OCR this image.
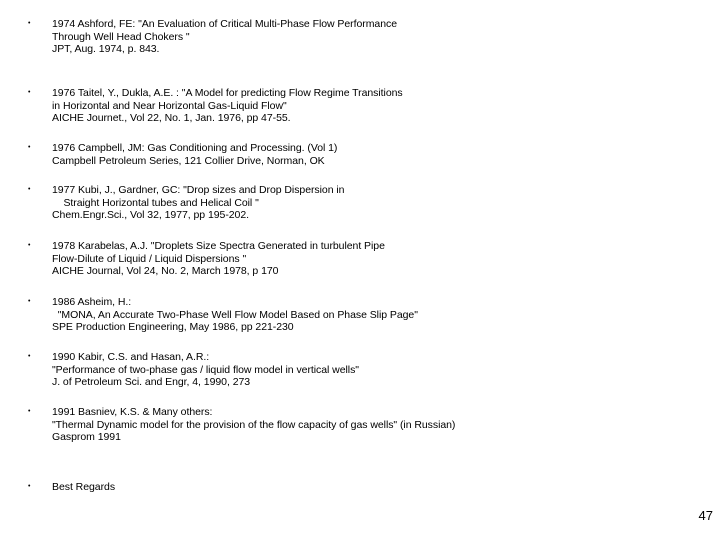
• 1974 Ashford, FE: "An Evaluation of Critical Multi-Phase Flow Performance
Through Well Head Chokers "
JPT, Aug. 1974, p. 843.
• 1976 Taitel, Y., Dukla, A.E. : "A Model for predicting Flow Regime Transitions
in Horizontal and Near Horizontal Gas-Liquid Flow"
AICHE Journet., Vol 22, No. 1, Jan. 1976, pp 47-55.
• 1976 Campbell, JM: Gas Conditioning and Processing. (Vol 1)
Campbell Petroleum Series, 121 Collier Drive, Norman, OK
• 1977 Kubi, J., Gardner, GC: "Drop sizes and Drop Dispersion in
Straight Horizontal tubes and Helical Coil "
Chem.Engr.Sci., Vol 32, 1977, pp 195-202.
• 1978 Karabelas, A.J. "Droplets Size Spectra Generated in turbulent Pipe
Flow-Dilute of Liquid / Liquid Dispersions "
AICHE Journal, Vol 24, No. 2, March 1978, p 170
• 1986 Asheim, H.:
"MONA, An Accurate Two-Phase Well Flow Model Based on Phase Slip Page"
SPE Production Engineering, May 1986, pp 221-230
• 1990 Kabir, C.S. and Hasan, A.R.:
"Performance of two-phase gas / liquid flow model in vertical wells"
J. of Petroleum Sci. and Engr, 4, 1990, 273
• 1991 Basniev, K.S. & Many others:
"Thermal Dynamic model for the provision of the flow capacity of gas wells" (in Russian)
Gasprom 1991
• Best Regards
47
